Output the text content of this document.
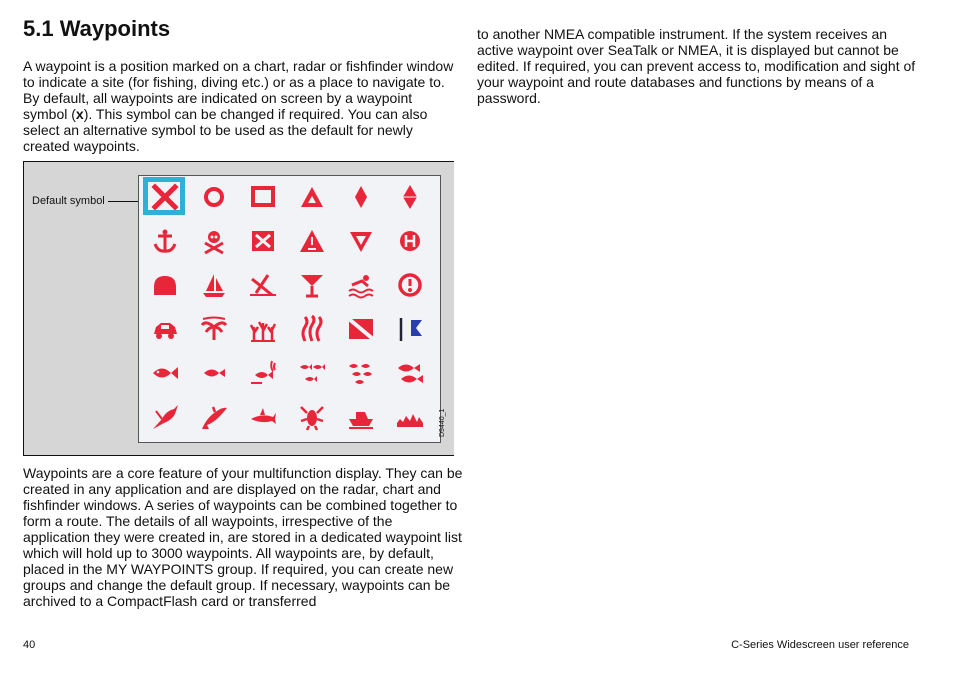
5.1 Waypoints

A waypoint is a position marked on a chart, radar or fishfinder window to indicate a site (for fishing, diving etc.) or as a place to navigate to. By default, all waypoints are indicated on screen by a waypoint symbol (x). This symbol can be changed if required. You can also select an alternative symbol to be used as the default for newly created waypoints.

Default symbol
D9440_1

Waypoints are a core feature of your multifunction display. They can be created in any application and are displayed on the radar, chart and fishfinder windows. A series of waypoints can be combined together to form a route. The details of all waypoints, irrespective of the application they were created in, are stored in a dedicated waypoint list which will hold up to 3000 waypoints. All waypoints are, by default, placed in the MY WAYPOINTS group. If required, you can create new groups and change the default group. If necessary, waypoints can be archived to a CompactFlash card or transferred

to another NMEA compatible instrument. If the system receives an active waypoint over SeaTalk or NMEA, it is displayed but cannot be edited. If required, you can prevent access to, modification and sight of your waypoint and route databases and functions by means of a password.

40	C-Series Widescreen user reference
